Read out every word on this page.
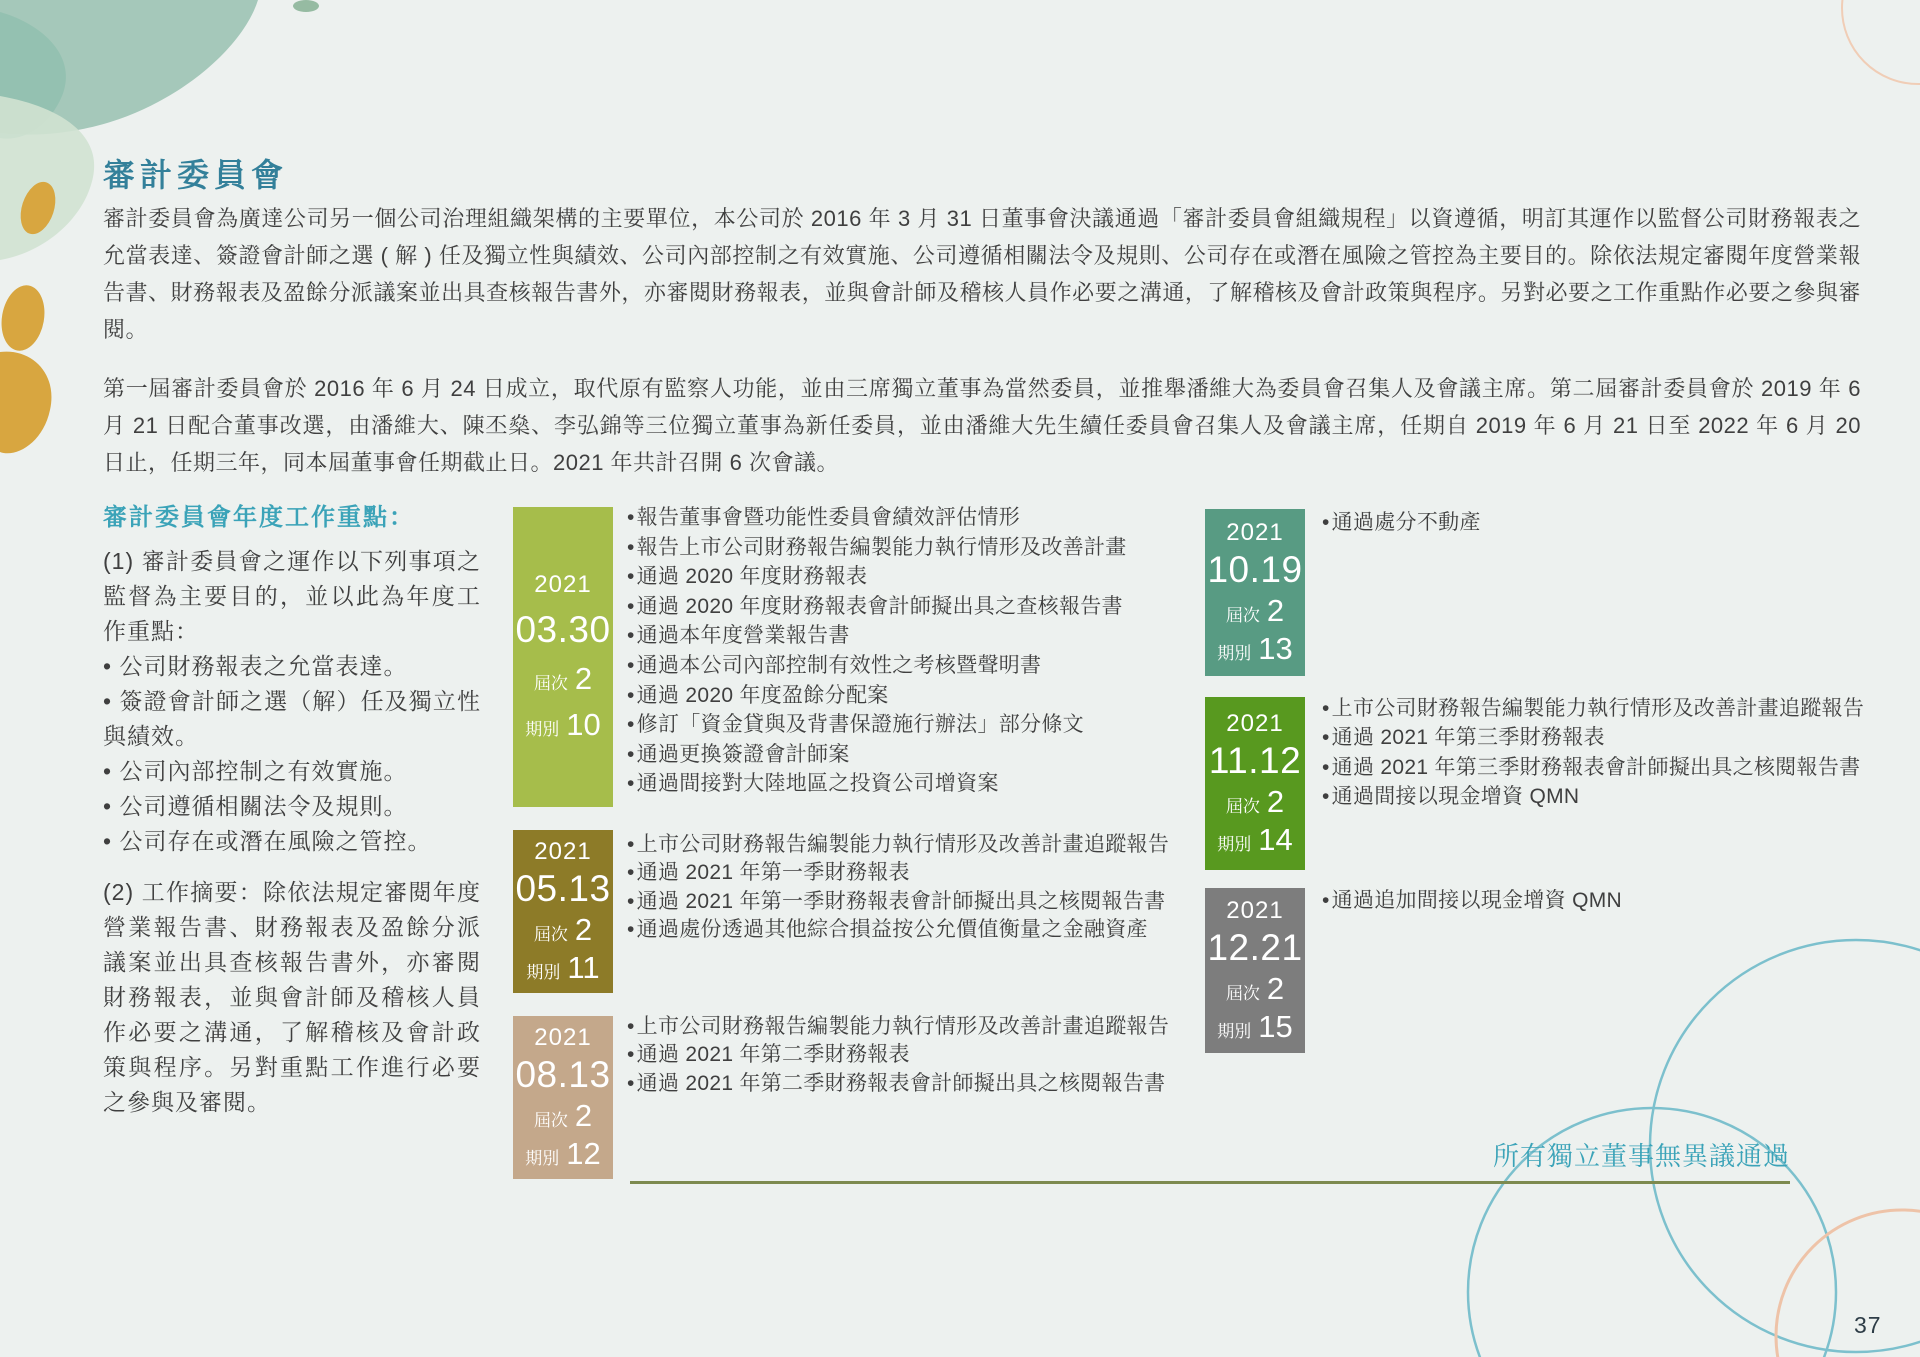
審計委員會
審計委員會為廣達公司另一個公司治理組織架構的主要單位，本公司於 2016 年 3 月 31 日董事會決議通過「審計委員會組織規程」以資遵循，明訂其運作以監督公司財務報表之允當表達、簽證會計師之選 ( 解 ) 任及獨立性與績效、公司內部控制之有效實施、公司遵循相關法令及規則、公司存在或潛在風險之管控為主要目的。除依法規定審閱年度營業報告書、財務報表及盈餘分派議案並出具查核報告書外，亦審閱財務報表，並與會計師及稽核人員作必要之溝通，了解稽核及會計政策與程序。另對必要之工作重點作必要之參與審閱。
第一屆審計委員會於 2016 年 6 月 24 日成立，取代原有監察人功能，並由三席獨立董事為當然委員，並推舉潘維大為委員會召集人及會議主席。第二屆審計委員會於 2019 年 6 月 21 日配合董事改選，由潘維大、陳丕燊、李弘錦等三位獨立董事為新任委員，並由潘維大先生續任委員會召集人及會議主席，任期自 2019 年 6 月 21 日至 2022 年 6 月 20 日止，任期三年，同本屆董事會任期截止日。2021 年共計召開 6 次會議。
審計委員會年度工作重點：
(1) 審計委員會之運作以下列事項之監督為主要目的，並以此為年度工作重點：
• 公司財務報表之允當表達。
• 簽證會計師之選（解）任及獨立性與績效。
• 公司內部控制之有效實施。
• 公司遵循相關法令及規則。
• 公司存在或潛在風險之管控。
(2) 工作摘要：除依法規定審閱年度營業報告書、財務報表及盈餘分派議案並出具查核報告書外，亦審閱財務報表，並與會計師及稽核人員作必要之溝通，了解稽核及會計政策與程序。另對重點工作進行必要之參與及審閱。
2021
03.30
屆次 2
期別 10
2021
05.13
屆次 2
期別 11
2021
08.13
屆次 2
期別 12
2021
10.19
屆次 2
期別 13
2021
11.12
屆次 2
期別 14
2021
12.21
屆次 2
期別 15
• 報告董事會暨功能性委員會績效評估情形
• 報告上市公司財務報告編製能力執行情形及改善計畫
• 通過 2020 年度財務報表
• 通過 2020 年度財務報表會計師擬出具之查核報告書
• 通過本年度營業報告書
• 通過本公司內部控制有效性之考核暨聲明書
• 通過 2020 年度盈餘分配案
• 修訂「資金貸與及背書保證施行辦法」部分條文
• 通過更換簽證會計師案
• 通過間接對大陸地區之投資公司增資案
• 上市公司財務報告編製能力執行情形及改善計畫追蹤報告
• 通過 2021 年第一季財務報表
• 通過 2021 年第一季財務報表會計師擬出具之核閱報告書
• 通過處份透過其他綜合損益按公允價值衡量之金融資產
• 上市公司財務報告編製能力執行情形及改善計畫追蹤報告
• 通過 2021 年第二季財務報表
• 通過 2021 年第二季財務報表會計師擬出具之核閱報告書
• 通過處分不動產
• 上市公司財務報告編製能力執行情形及改善計畫追蹤報告
• 通過 2021 年第三季財務報表
• 通過 2021 年第三季財務報表會計師擬出具之核閱報告書
• 通過間接以現金增資 QMN
• 通過追加間接以現金增資 QMN
所有獨立董事無異議通過
37
